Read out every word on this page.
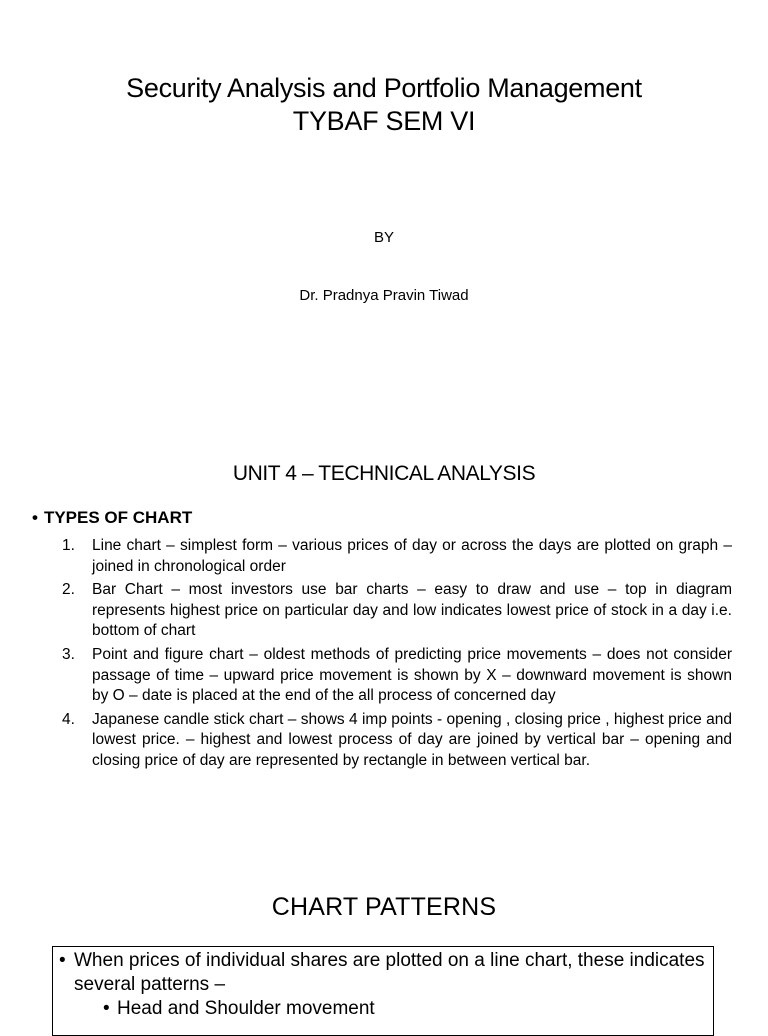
Security Analysis and Portfolio Management
TYBAF SEM VI
BY
Dr. Pradnya Pravin Tiwad
UNIT 4 – TECHNICAL ANALYSIS
• TYPES OF CHART
1. Line chart – simplest form – various prices of day or across the days are plotted on graph – joined in chronological order
2. Bar Chart – most investors use bar charts – easy to draw and use – top in diagram represents highest price on particular day and low indicates lowest price of stock in a day i.e. bottom of chart
3. Point and figure chart – oldest methods of predicting price movements – does not consider passage of time – upward price movement is shown by X – downward movement is shown by O – date is placed at the end of the all process of concerned day
4. Japanese candle stick chart – shows 4 imp points - opening , closing price , highest price and lowest price. – highest and lowest process of day are joined by vertical bar – opening and closing price of day are represented by rectangle in between vertical bar.
CHART PATTERNS
• When prices of individual shares are plotted on a line chart, these indicates several patterns –
• Head and Shoulder movement
